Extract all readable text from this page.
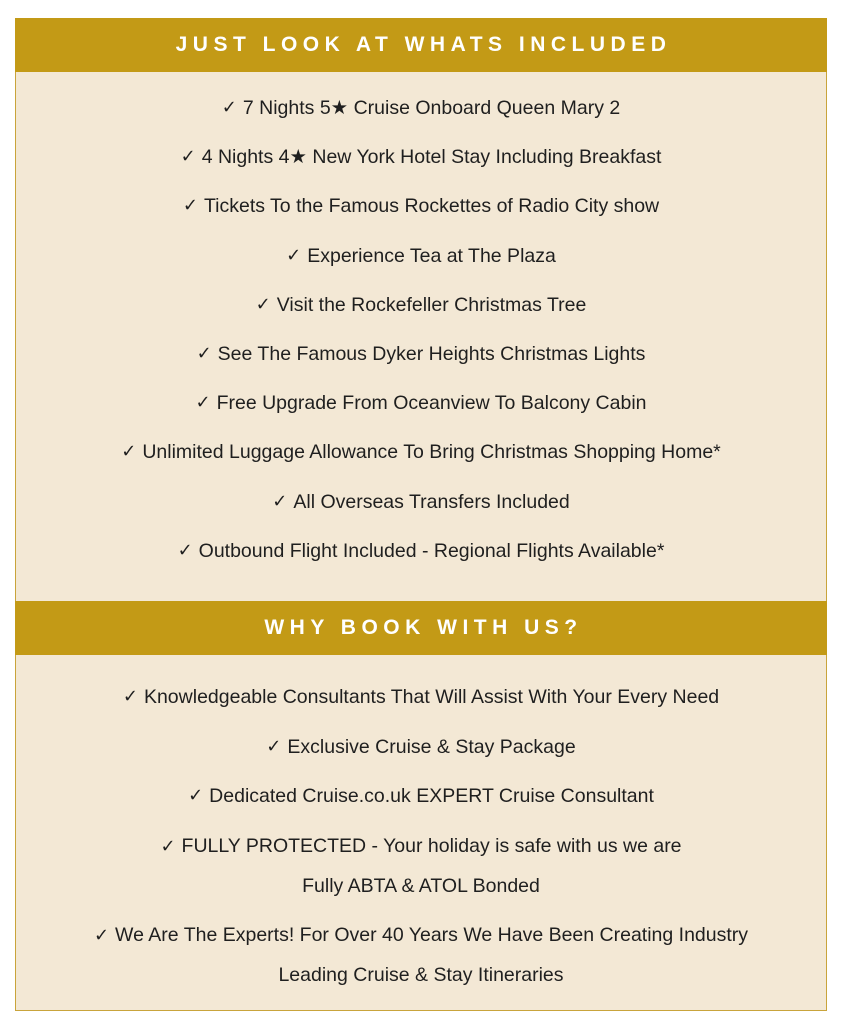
JUST LOOK AT WHATS INCLUDED
✓ 7 Nights 5★ Cruise Onboard Queen Mary 2
✓ 4 Nights 4★ New York Hotel Stay Including Breakfast
✓ Tickets To the Famous Rockettes of Radio City show
✓ Experience Tea at The Plaza
✓ Visit the Rockefeller Christmas Tree
✓ See The Famous Dyker Heights Christmas Lights
✓ Free Upgrade From Oceanview To Balcony Cabin
✓ Unlimited Luggage Allowance To Bring Christmas Shopping Home*
✓ All Overseas Transfers Included
✓ Outbound Flight Included - Regional Flights Available*
WHY BOOK WITH US?
✓ Knowledgeable Consultants That Will Assist With Your Every Need
✓ Exclusive Cruise & Stay Package
✓ Dedicated Cruise.co.uk EXPERT Cruise Consultant
✓ FULLY PROTECTED - Your holiday is safe with us we are
Fully ABTA & ATOL Bonded
✓ We Are The Experts! For Over 40 Years We Have Been Creating Industry
Leading Cruise & Stay Itineraries
